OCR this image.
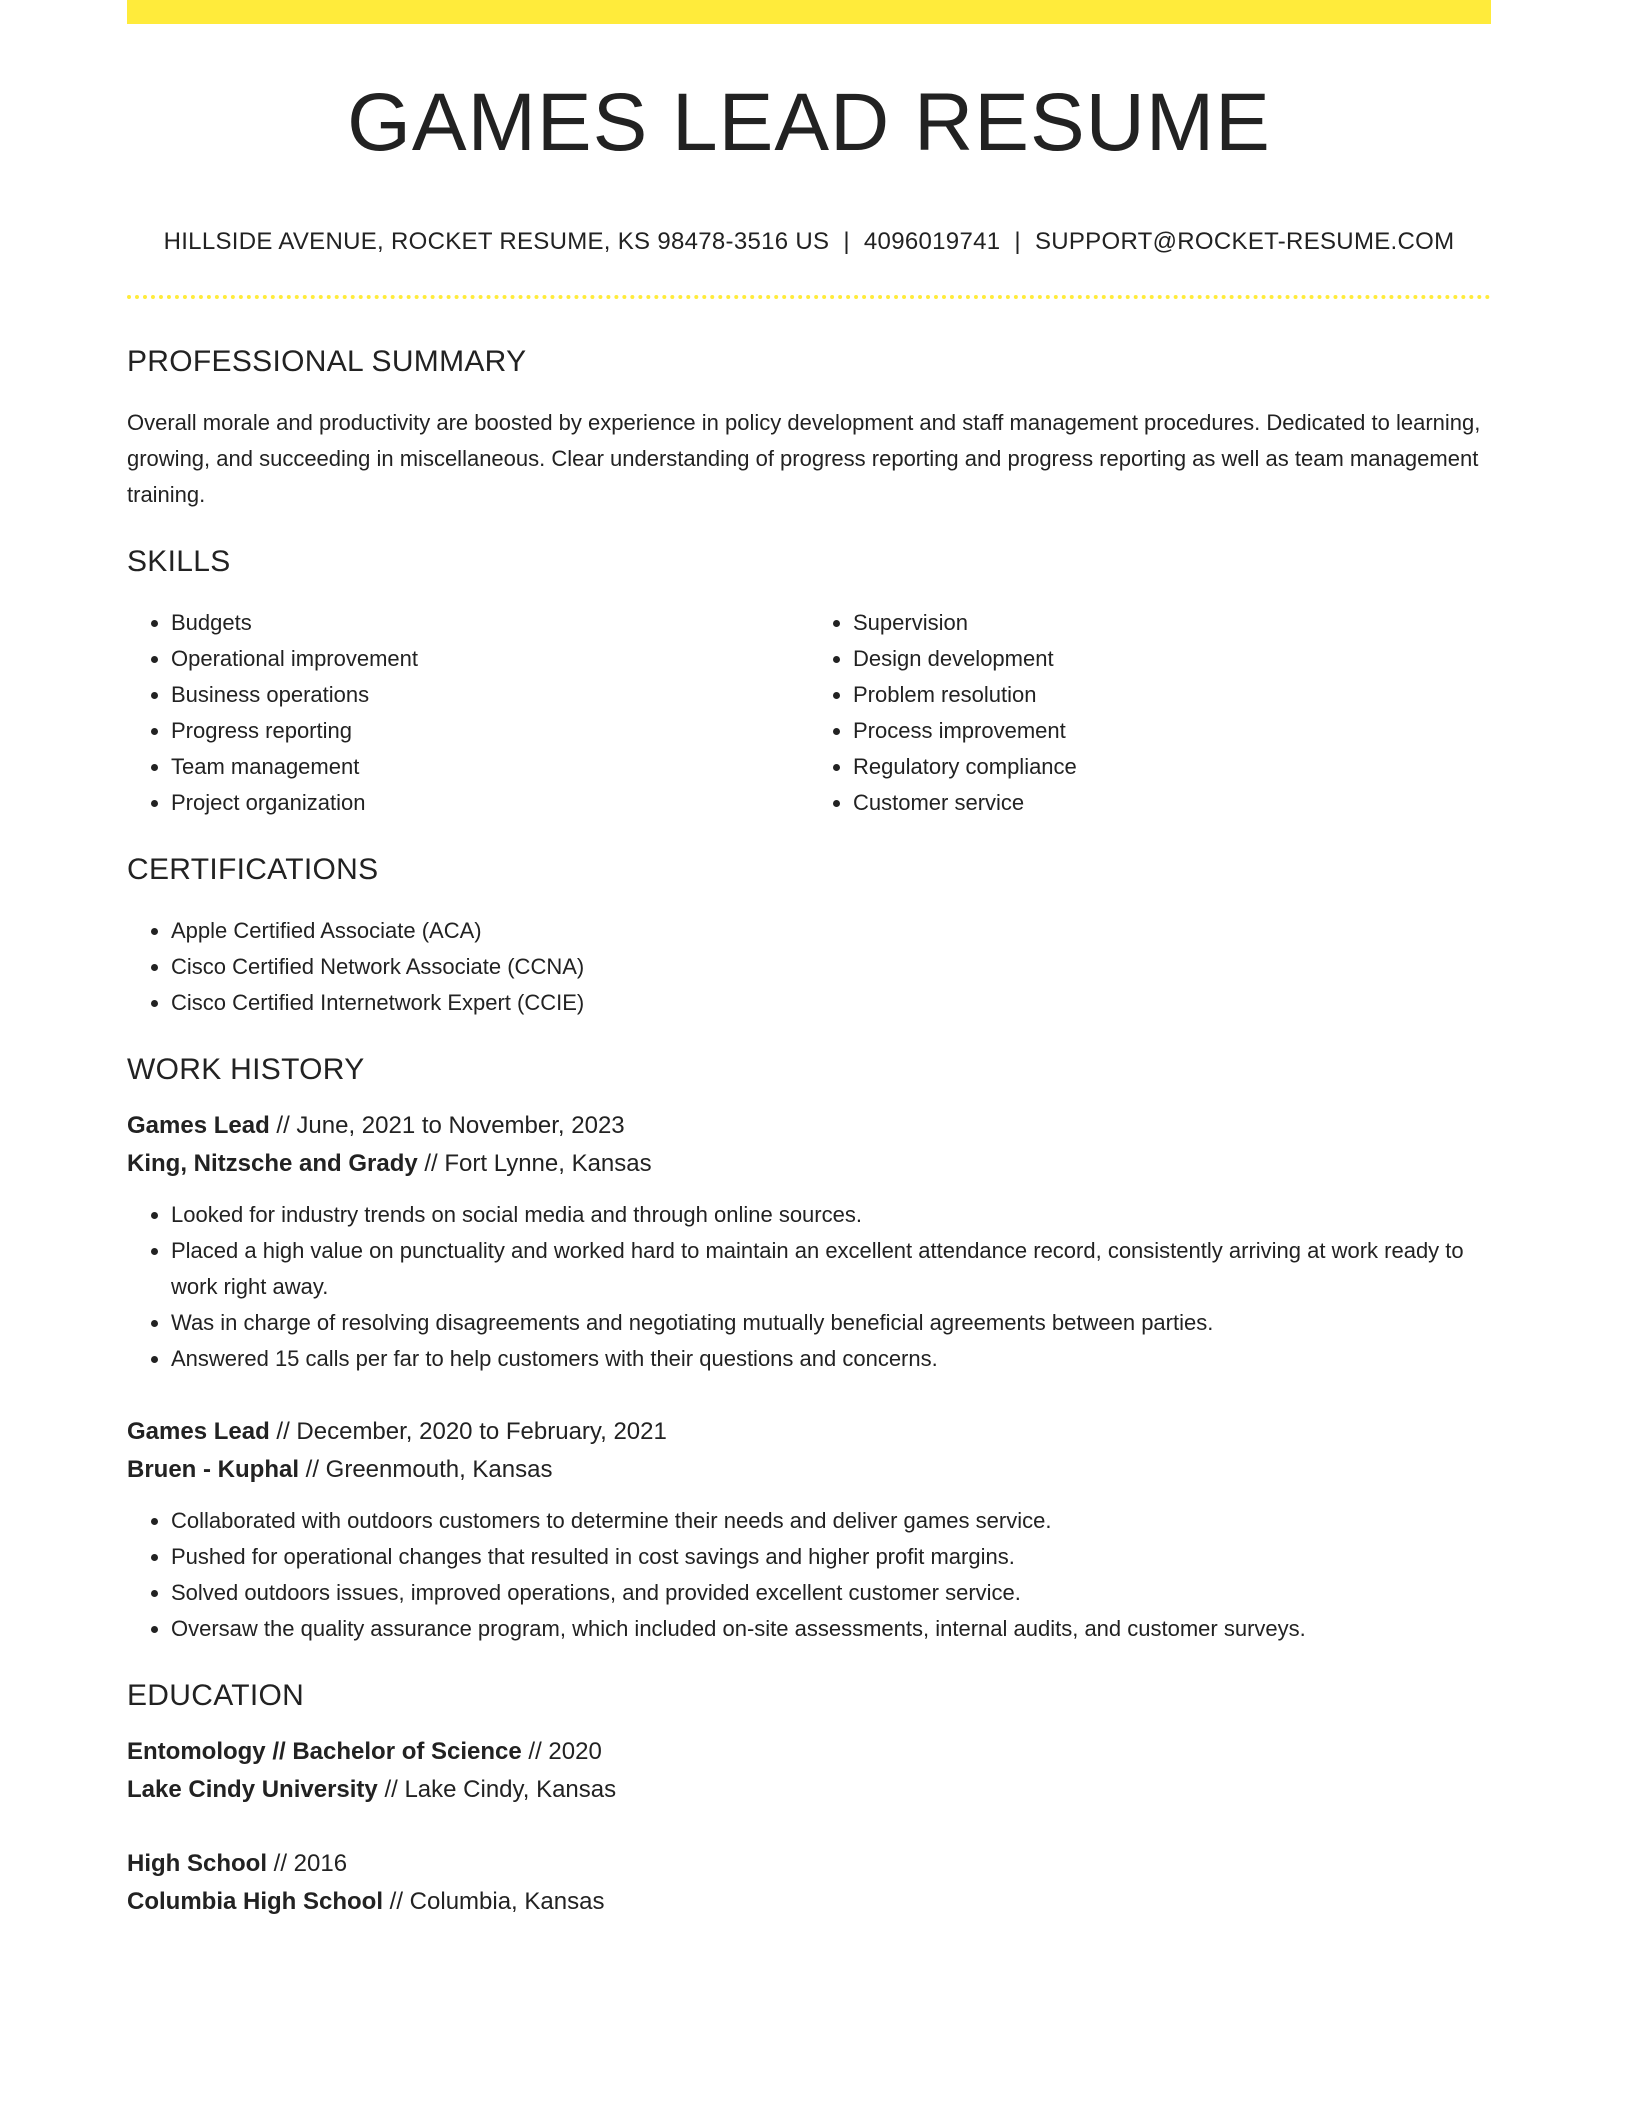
GAMES LEAD RESUME
HILLSIDE AVENUE, ROCKET RESUME, KS 98478-3516 US | 4096019741 | SUPPORT@ROCKET-RESUME.COM
PROFESSIONAL SUMMARY

Overall morale and productivity are boosted by experience in policy development and staff management procedures. Dedicated to learning, growing, and succeeding in miscellaneous. Clear understanding of progress reporting and progress reporting as well as team management training.

SKILLS
• Budgets
• Operational improvement
• Business operations
• Progress reporting
• Team management
• Project organization
• Supervision
• Design development
• Problem resolution
• Process improvement
• Regulatory compliance
• Customer service
CERTIFICATIONS
• Apple Certified Associate (ACA)
• Cisco Certified Network Associate (CCNA)
• Cisco Certified Internetwork Expert (CCIE)
WORK HISTORY
Games Lead // June, 2021 to November, 2023
King, Nitzsche and Grady // Fort Lynne, Kansas
• Looked for industry trends on social media and through online sources.
• Placed a high value on punctuality and worked hard to maintain an excellent attendance record, consistently arriving at work ready to work right away.
• Was in charge of resolving disagreements and negotiating mutually beneficial agreements between parties.
• Answered 15 calls per far to help customers with their questions and concerns.
Games Lead // December, 2020 to February, 2021
Bruen - Kuphal // Greenmouth, Kansas
• Collaborated with outdoors customers to determine their needs and deliver games service.
• Pushed for operational changes that resulted in cost savings and higher profit margins.
• Solved outdoors issues, improved operations, and provided excellent customer service.
• Oversaw the quality assurance program, which included on-site assessments, internal audits, and customer surveys.
EDUCATION
Entomology // Bachelor of Science // 2020
Lake Cindy University // Lake Cindy, Kansas
High School // 2016
Columbia High School // Columbia, Kansas
